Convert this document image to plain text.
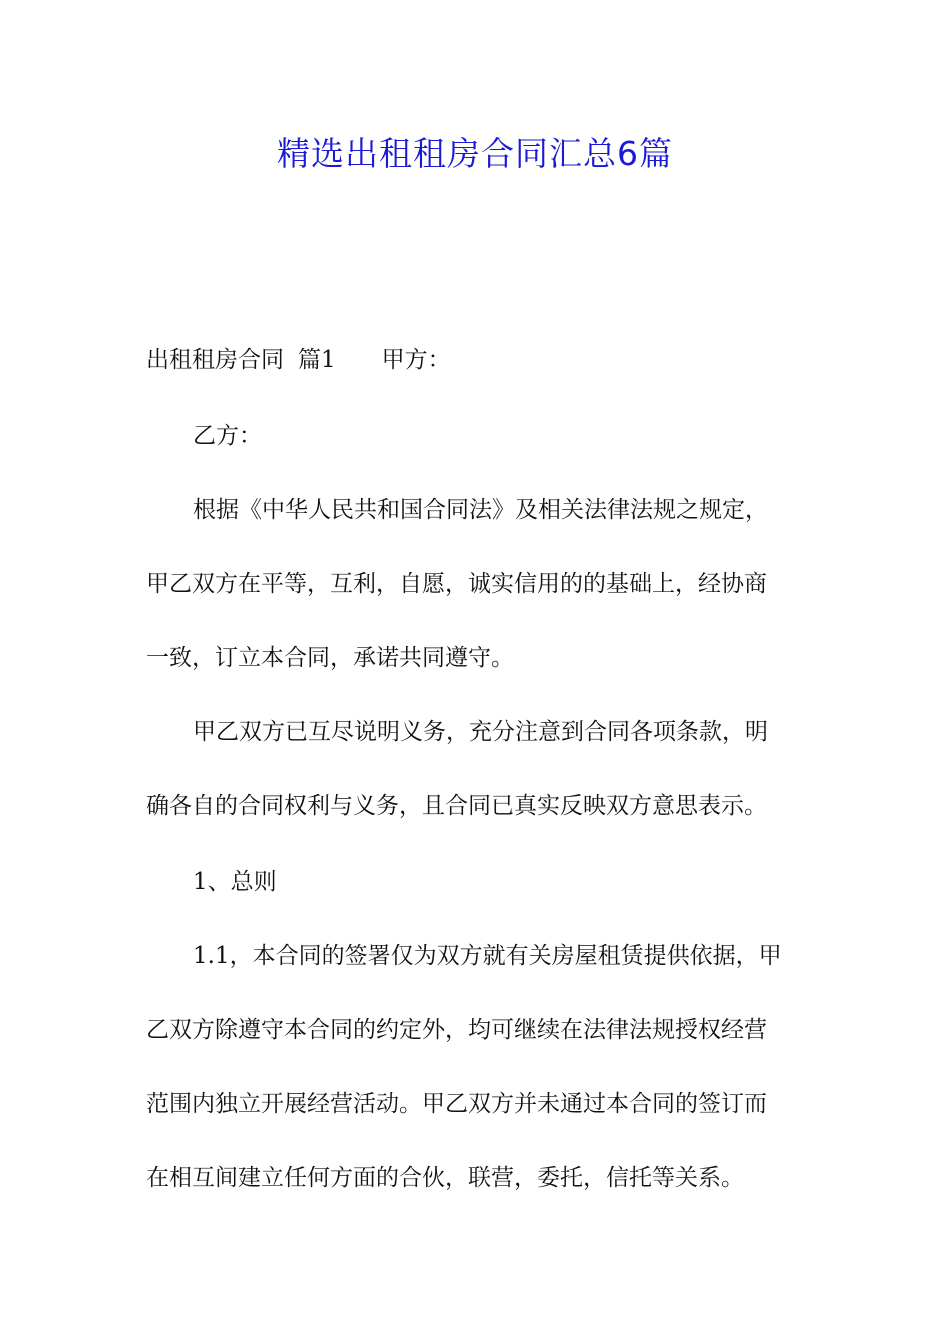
精选出租租房合同汇总6篇
出租租房合同 篇1 甲方：
乙方：
根据《中华人民共和国合同法》及相关法律法规之规定，
甲乙双方在平等，互利，自愿，诚实信用的的基础上，经协商
一致，订立本合同，承诺共同遵守。
甲乙双方已互尽说明义务，充分注意到合同各项条款，明
确各自的合同权利与义务，且合同已真实反映双方意思表示。
1、总则
1.1，本合同的签署仅为双方就有关房屋租赁提供依据，甲
乙双方除遵守本合同的约定外，均可继续在法律法规授权经营
范围内独立开展经营活动。甲乙双方并未通过本合同的签订而
在相互间建立任何方面的合伙，联营，委托，信托等关系。
